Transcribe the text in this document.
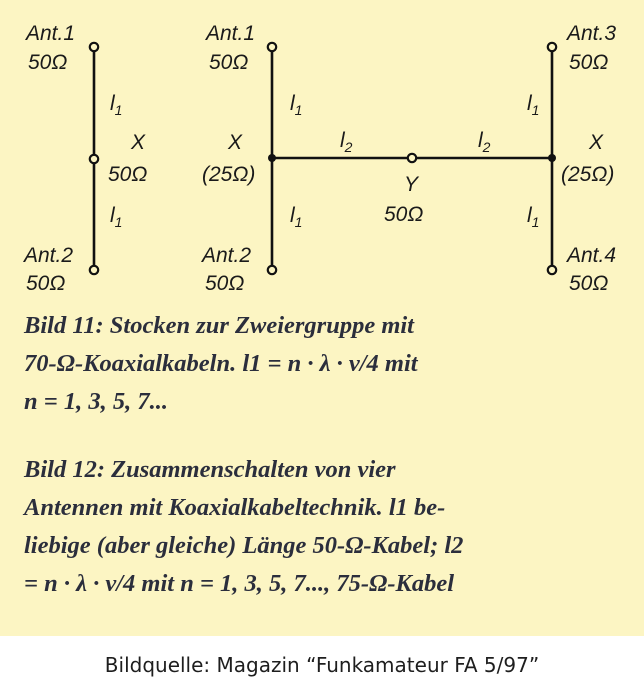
Ant.1
50Ω
Ant.2
50Ω
$l_1$
$l_1$
X
50Ω
Ant.1
50Ω
Ant.2
50Ω
Ant.3
50Ω
Ant.4
50Ω
$l_1$
$l_1$
$l_1$
$l_1$
$l_2$	$l_2$
X
(25Ω)
X
(25Ω)
Y
50Ω

Bild 11: Stocken zur Zweiergruppe mit
70-Ω-Koaxialkabeln. l1 = n · λ · v/4 mit
n = 1, 3, 5, 7...

Bild 12: Zusammenschalten von vier
Antennen mit Koaxialkabeltechnik. l1 be-
liebige (aber gleiche) Länge 50-Ω-Kabel; l2
= n · λ · v/4 mit n = 1, 3, 5, 7..., 75-Ω-Kabel

Bildquelle: Magazin “Funkamateur FA 5/97”
